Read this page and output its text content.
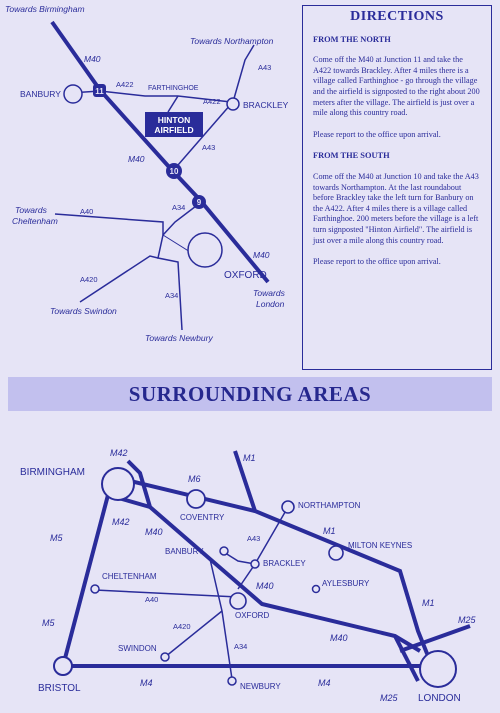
11
10
9
HINTON
AIRFIELD
Towards Birmingham
Towards Northampton
Towards
Cheltenham
Towards Swindon
Towards Newbury
Towards
London
BANBURY
BRACKLEY
FARTHINGHOE
OXFORD
M40
M40
M40
A422
A422
A43
A43
A34
A34
A40
A420
DIRECTIONS
FROM THE NORTH

Come off the M40 at Junction 11 and take the A422 towards Brackley. After 4 miles there is a village called Farthinghoe - go through the village and the airfield is signposted to the right about 200 meters after the village. The airfield is just over a mile along this country road.

Please report to the office upon arrival.

FROM THE SOUTH

Come off the M40 at Junction 10 and take the A43 towards Northampton. At the last roundabout before Brackley take the left turn for Banbury on the A422. After 4 miles there is a village called Farthinghoe. 200 meters before the village is a left turn signposted "Hinton Airfield". The airfield is just over a mile along this country road.

Please report to the office upon arrival.

SURROUNDING AREAS
BIRMINGHAM
COVENTRY
NORTHAMPTON
MILTON KEYNES
BANBURY
BRACKLEY
AYLESBURY
CHELTENHAM
OXFORD
SWINDON
NEWBURY
BRISTOL
LONDON
M42
M42
M6
M1
M1
M1
M5
M5
M40
M40
M40
M4	M4
M25
M25
A43
A40
A420
A34
